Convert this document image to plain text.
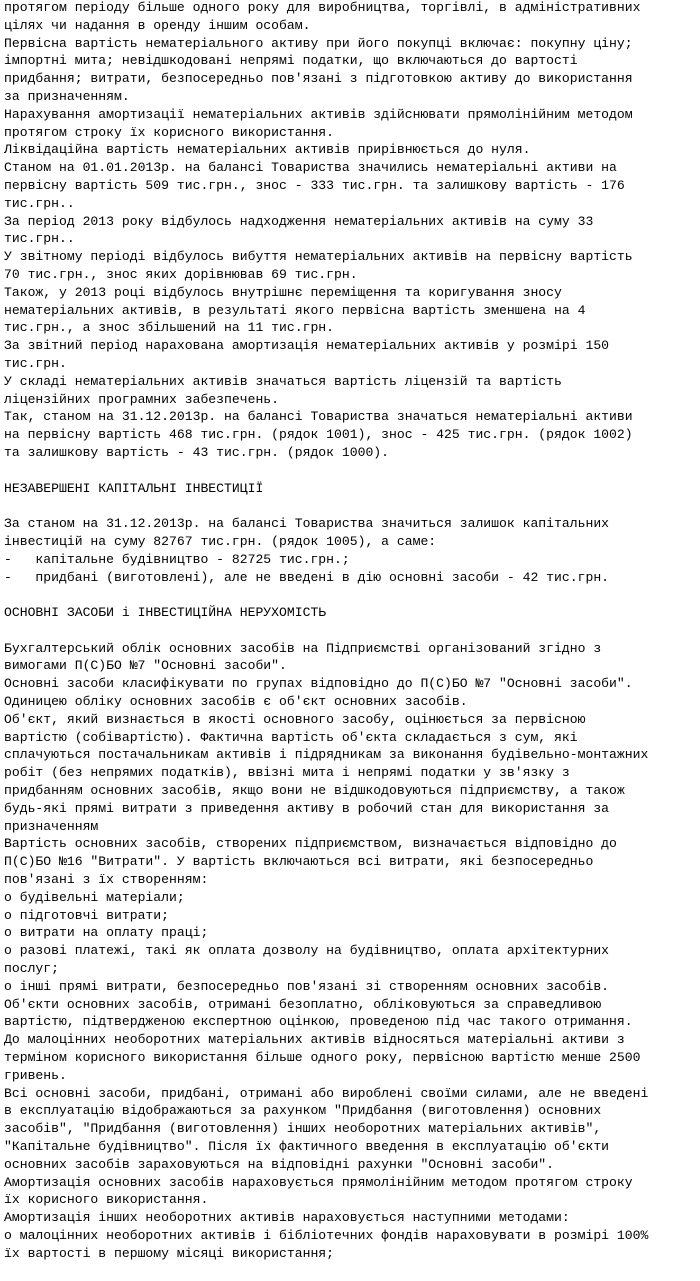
протягом періоду більше одного року для виробництва, торгівлі, в адміністративних
цілях чи надання в оренду іншим особам.
Первісна вартість нематеріального активу при його покупці включає: покупну ціну;
імпортні мита; невідшкодовані непрямі податки, що включаються до вартості
придбання; витрати, безпосередньо пов'язані з підготовкою активу до використання
за призначенням.
Нарахування амортизації нематеріальних активів здійснювати прямолінійним методом
протягом строку їх корисного використання.
Ліквідаційна вартість нематеріальних активів прирівнюється до нуля.
Станом на 01.01.2013р. на балансі Товариства значились нематеріальні активи на
первісну вартість 509 тис.грн., знос - 333 тис.грн. та залишкову вартість - 176
тис.грн..
За період 2013 року відбулось надходження нематеріальних активів на суму 33
тис.грн..
У звітному періоді відбулось вибуття нематеріальних активів на первісну вартість
70 тис.грн., знос яких дорівнював 69 тис.грн.
Також, у 2013 році відбулось внутрішнє переміщення та коригування зносу
нематеріальних активів, в результаті якого первісна вартість зменшена на 4
тис.грн., а знос збільшений на 11 тис.грн.
За звітний період нарахована амортизація нематеріальних активів у розмірі 150
тис.грн.
У складі нематеріальних активів значаться вартість ліцензій та вартість
ліцензійних програмних забезпечень.
Так, станом на 31.12.2013р. на балансі Товариства значаться нематеріальні активи
на первісну вартість 468 тис.грн. (рядок 1001), знос - 425 тис.грн. (рядок 1002)
та залишкову вартість - 43 тис.грн. (рядок 1000).
НЕЗАВЕРШЕНІ КАПІТАЛЬНІ ІНВЕСТИЦІЇ
За станом на 31.12.2013р. на балансі Товариства значиться залишок капітальних
інвестицій на суму 82767 тис.грн. (рядок 1005), а саме:
-   капітальне будівництво - 82725 тис.грн.;
-   придбані (виготовлені), але не введені в дію основні засоби - 42 тис.грн.
ОСНОВНІ ЗАСОБИ і ІНВЕСТИЦІЙНА НЕРУХОМІСТЬ
Бухгалтерський облік основних засобів на Підприємстві організований згідно з
вимогами П(С)БО №7 "Основні засоби".
Основні засоби класифікувати по групах відповідно до П(С)БО №7 "Основні засоби".
Одиницею обліку основних засобів є об'єкт основних засобів.
Об'єкт, який визнається в якості основного засобу, оцінюється за первісною
вартістю (собівартістю). Фактична вартість об'єкта складається з сум, які
сплачуються постачальникам активів і підрядникам за виконання будівельно-монтажних
робіт (без непрямих податків), ввізні мита і непрямі податки у зв'язку з
придбанням основних засобів, якщо вони не відшкодовуються підприємству, а також
будь-які прямі витрати з приведення активу в робочий стан для використання за
призначенням
Вартість основних засобів, створених підприємством, визначається відповідно до
П(С)БО №16 "Витрати". У вартість включаються всі витрати, які безпосередньо
пов'язані з їх створенням:
o будівельні матеріали;
o підготовчі витрати;
o витрати на оплату праці;
o разові платежі, такі як оплата дозволу на будівництво, оплата архітектурних
послуг;
o інші прямі витрати, безпосередньо пов'язані зі створенням основних засобів.
Об'єкти основних засобів, отримані безоплатно, обліковуються за справедливою
вартістю, підтвердженою експертною оцінкою, проведеною під час такого отримання.
До малоцінних необоротних матеріальних активів відносяться матеріальні активи з
терміном корисного використання більше одного року, первісною вартістю менше 2500
гривень.
Всі основні засоби, придбані, отримані або вироблені своїми силами, але не введені
в експлуатацію відображаються за рахунком "Придбання (виготовлення) основних
засобів", "Придбання (виготовлення) інших необоротних матеріальних активів",
"Капітальне будівництво". Після їх фактичного введення в експлуатацію об'єкти
основних засобів зараховуються на відповідні рахунки "Основні засоби".
Амортизація основних засобів нараховується прямолінійним методом протягом строку
їх корисного використання.
Амортизація інших необоротних активів нараховується наступними методами:
o малоцінних необоротних активів і бібліотечних фондів нараховувати в розмірі 100%
їх вартості в першому місяці використання;
